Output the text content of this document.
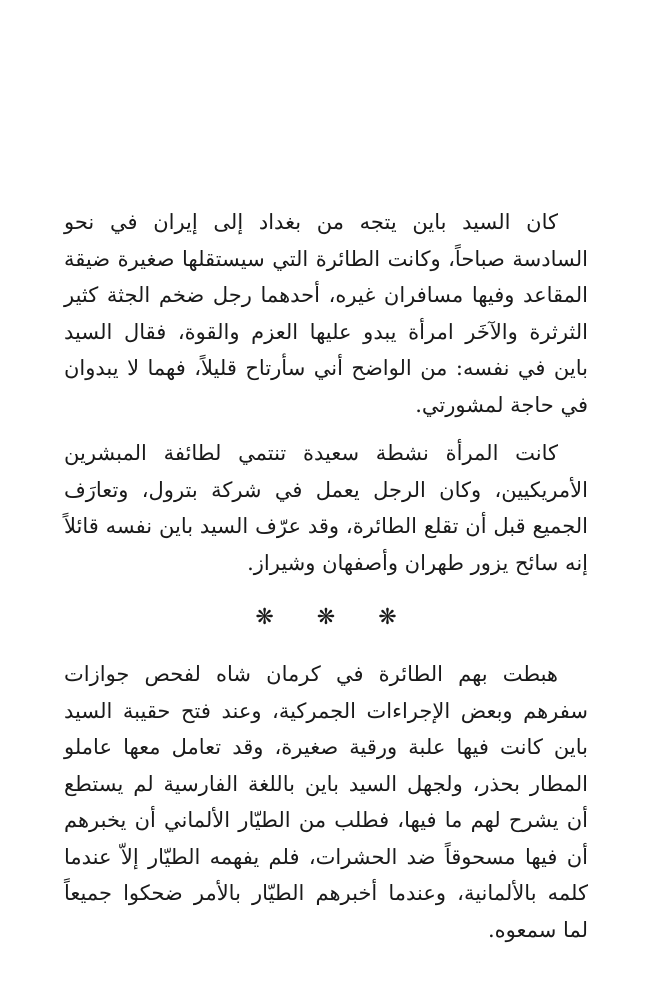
كان السيد باين يتجه من بغداد إلى إيران في نحو السادسة صباحاً، وكانت الطائرة التي سيستقلها صغيرة ضيقة المقاعد وفيها مسافران غيره، أحدهما رجل ضخم الجثة كثير الثرثرة والآخَر امرأة يبدو عليها العزم والقوة، فقال السيد باين في نفسه: من الواضح أني سأرتاح قليلاً، فهما لا يبدوان في حاجة لمشورتي.

كانت المرأة نشطة سعيدة تنتمي لطائفة المبشرين الأمريكيين، وكان الرجل يعمل في شركة بترول، وتعارَف الجميع قبل أن تقلع الطائرة، وقد عرّف السيد باين نفسه قائلاً إنه سائح يزور طهران وأصفهان وشيراز.

❋ ❋ ❋

هبطت بهم الطائرة في كرمان شاه لفحص جوازات سفرهم وبعض الإجراءات الجمركية، وعند فتح حقيبة السيد باين كانت فيها علبة ورقية صغيرة، وقد تعامل معها عاملو المطار بحذر، ولجهل السيد باين باللغة الفارسية لم يستطع أن يشرح لهم ما فيها، فطلب من الطيّار الألماني أن يخبرهم أن فيها مسحوقاً ضد الحشرات، فلم يفهمه الطيّار إلاّ عندما كلمه بالألمانية، وعندما أخبرهم الطيّار بالأمر ضحكوا جميعاً لما سمعوه.
